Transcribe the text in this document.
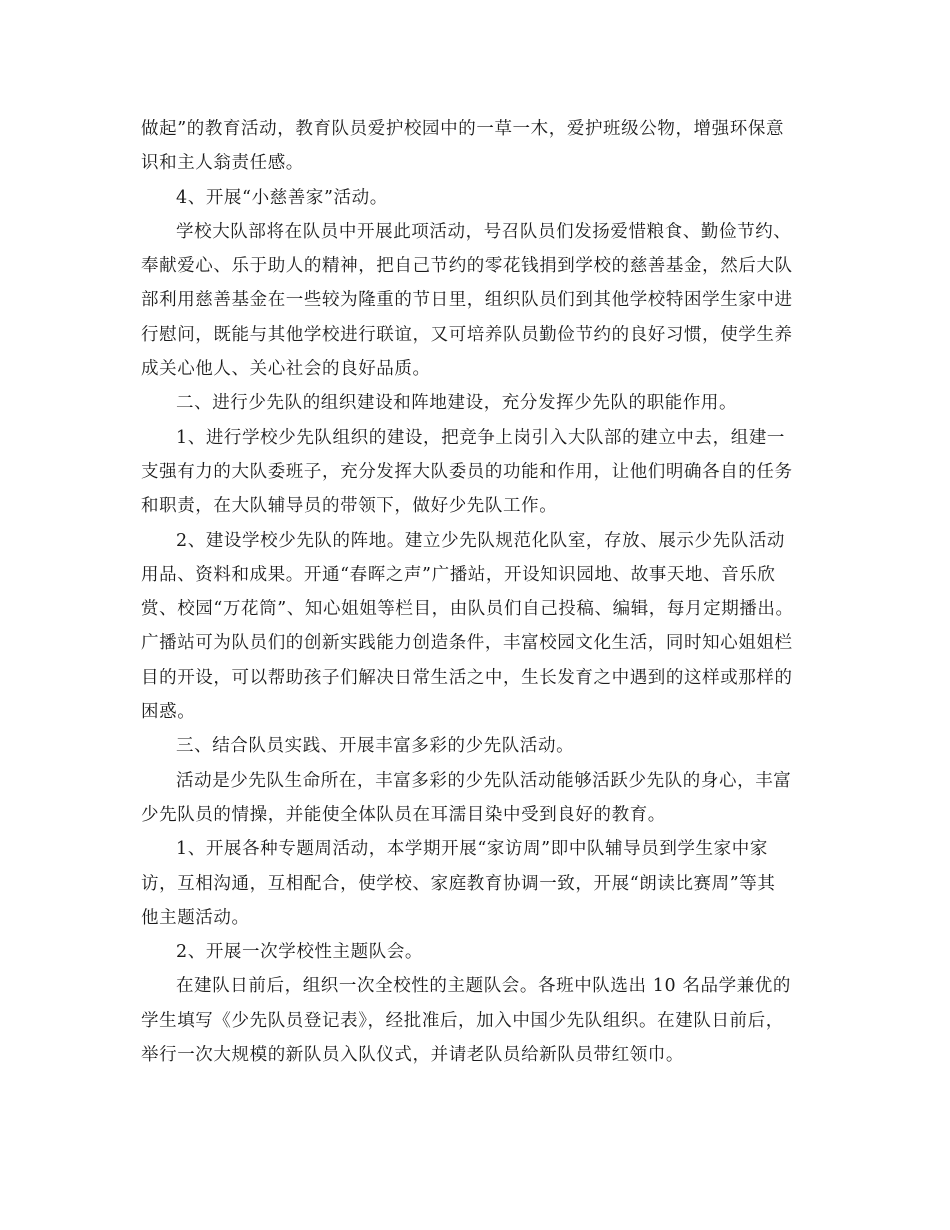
做起”的教育活动，教育队员爱护校园中的一草一木，爱护班级公物，增强环保意
识和主人翁责任感。
4、开展“小慈善家”活动。
学校大队部将在队员中开展此项活动，号召队员们发扬爱惜粮食、勤俭节约、
奉献爱心、乐于助人的精神，把自己节约的零花钱捐到学校的慈善基金，然后大队
部利用慈善基金在一些较为隆重的节日里，组织队员们到其他学校特困学生家中进
行慰问，既能与其他学校进行联谊，又可培养队员勤俭节约的良好习惯，使学生养
成关心他人、关心社会的良好品质。
二、进行少先队的组织建设和阵地建设，充分发挥少先队的职能作用。
1、进行学校少先队组织的建设，把竞争上岗引入大队部的建立中去，组建一
支强有力的大队委班子，充分发挥大队委员的功能和作用，让他们明确各自的任务
和职责，在大队辅导员的带领下，做好少先队工作。
2、建设学校少先队的阵地。建立少先队规范化队室，存放、展示少先队活动
用品、资料和成果。开通“春晖之声”广播站，开设知识园地、故事天地、音乐欣
赏、校园“万花筒”、知心姐姐等栏目，由队员们自己投稿、编辑，每月定期播出。
广播站可为队员们的创新实践能力创造条件，丰富校园文化生活，同时知心姐姐栏
目的开设，可以帮助孩子们解决日常生活之中，生长发育之中遇到的这样或那样的
困惑。
三、结合队员实践、开展丰富多彩的少先队活动。
活动是少先队生命所在，丰富多彩的少先队活动能够活跃少先队的身心，丰富
少先队员的情操，并能使全体队员在耳濡目染中受到良好的教育。
1、开展各种专题周活动，本学期开展“家访周”即中队辅导员到学生家中家
访，互相沟通，互相配合，使学校、家庭教育协调一致，开展“朗读比赛周”等其
他主题活动。
2、开展一次学校性主题队会。
在建队日前后，组织一次全校性的主题队会。各班中队选出 10 名品学兼优的
学生填写《少先队员登记表》，经批准后，加入中国少先队组织。在建队日前后，
举行一次大规模的新队员入队仪式，并请老队员给新队员带红领巾。
